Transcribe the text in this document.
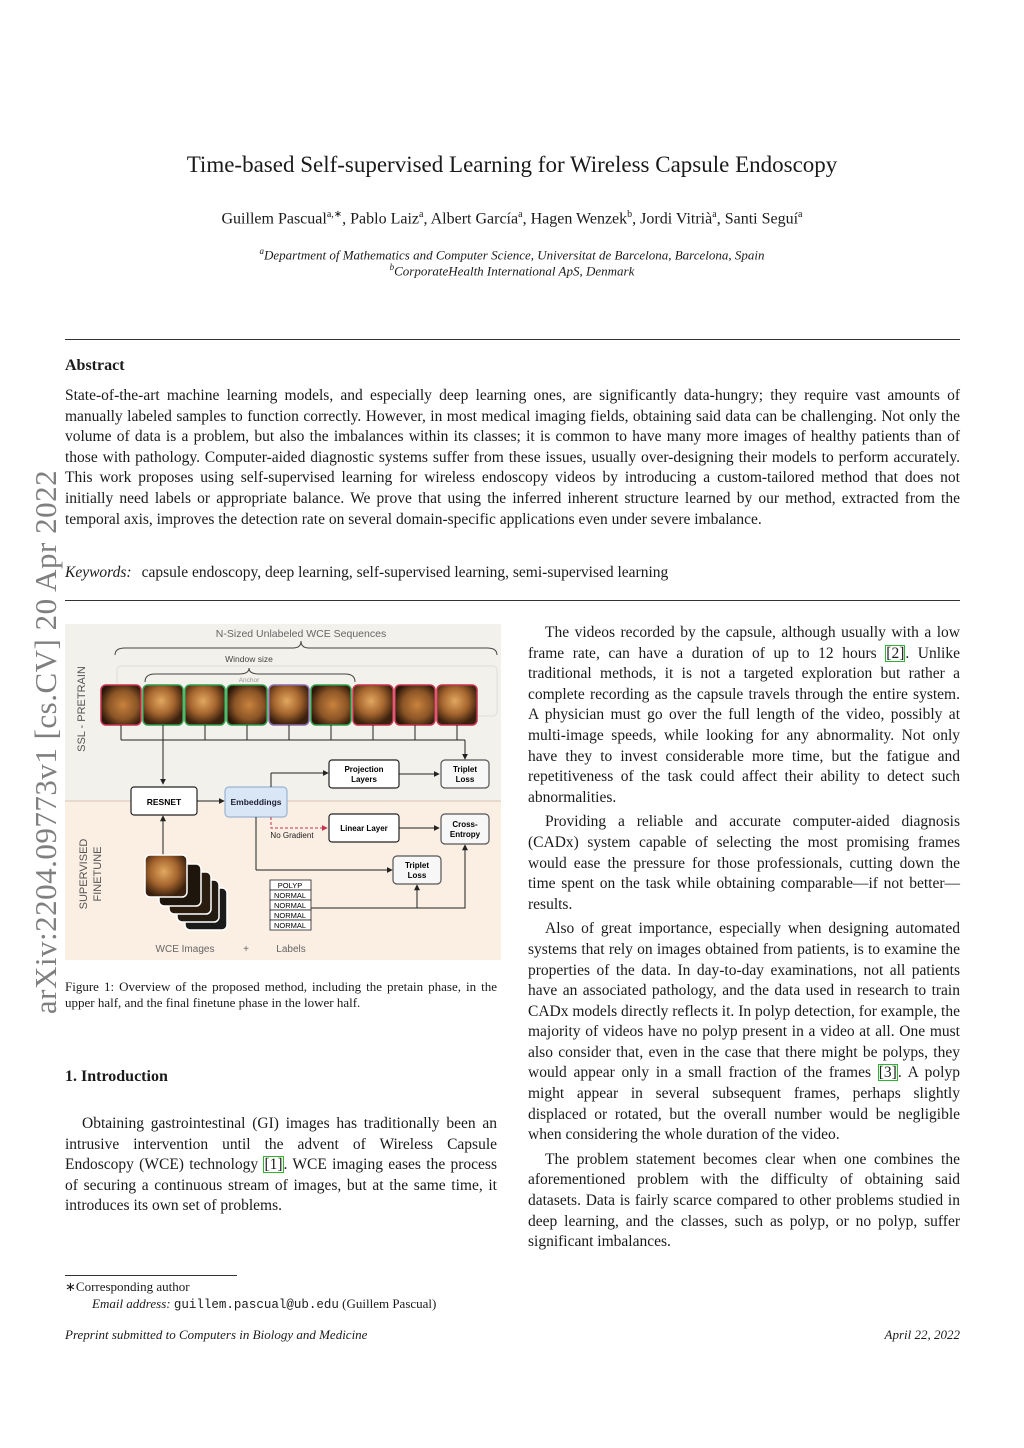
arXiv:2204.09773v1 [cs.CV] 20 Apr 2022
Time-based Self-supervised Learning for Wireless Capsule Endoscopy
Guillem Pascual$^{a,∗}$, Pablo Laiz$^a$, Albert García$^a$, Hagen Wenzek$^b$, Jordi Vitrià$^a$, Santi Seguí$^a$
$^a$Department of Mathematics and Computer Science, Universitat de Barcelona, Barcelona, Spain
$^b$CorporateHealth International ApS, Denmark
Abstract
State-of-the-art machine learning models, and especially deep learning ones, are significantly data-hungry; they require vast amounts of manually labeled samples to function correctly. However, in most medical imaging fields, obtaining said data can be challenging. Not only the volume of data is a problem, but also the imbalances within its classes; it is common to have many more images of healthy patients than of those with pathology. Computer-aided diagnostic systems suffer from these issues, usually over-designing their models to perform accurately. This work proposes using self-supervised learning for wireless endoscopy videos by introducing a custom-tailored method that does not initially need labels or appropriate balance. We prove that using the inferred inherent structure learned by our method, extracted from the temporal axis, improves the detection rate on several domain-specific applications even under severe imbalance.
Keywords: capsule endoscopy, deep learning, self-supervised learning, semi-supervised learning
N-Sized Unlabeled WCE Sequences
Window size
Anchor
SSL - PRETRAIN
SUPERVISED FINETUNE
RESNET	Embeddings
Projection
Layers
Triplet
Loss
No Gradient
Linear Layer	Cross-
Entropy
Triplet
Loss
POLYP
NORMAL
NORMAL
NORMAL
NORMAL
WCE Images	+	Labels
Figure 1: Overview of the proposed method, including the pretain phase, in the upper half, and the final finetune phase in the lower half.
1. Introduction

Obtaining gastrointestinal (GI) images has traditionally been an intrusive intervention until the advent of Wireless Capsule Endoscopy (WCE) technology [1]. WCE imaging eases the process of securing a continuous stream of images, but at the same time, it introduces its own set of problems.

∗Corresponding author
Email address: guillem.pascual@ub.edu (Guillem Pascual)

The videos recorded by the capsule, although usually with a low frame rate, can have a duration of up to 12 hours [2]. Unlike traditional methods, it is not a targeted exploration but rather a complete recording as the capsule travels through the entire system. A physician must go over the full length of the video, possibly at multi-image speeds, while looking for any abnormality. Not only have they to invest considerable more time, but the fatigue and repetitiveness of the task could affect their ability to detect such abnormalities.

Providing a reliable and accurate computer-aided diagnosis (CADx) system capable of selecting the most promising frames would ease the pressure for those professionals, cutting down the time spent on the task while obtaining comparable—if not better—results.

Also of great importance, especially when designing automated systems that rely on images obtained from patients, is to examine the properties of the data. In day-to-day examinations, not all patients have an associated pathology, and the data used in research to train CADx models directly reflects it. In polyp detection, for example, the majority of videos have no polyp present in a video at all. One must also consider that, even in the case that there might be polyps, they would appear only in a small fraction of the frames [3]. A polyp might appear in several subsequent frames, perhaps slightly displaced or rotated, but the overall number would be negligible when considering the whole duration of the video.

The problem statement becomes clear when one combines the aforementioned problem with the difficulty of obtaining said datasets. Data is fairly scarce compared to other problems studied in deep learning, and the classes, such as polyp, or no polyp, suffer significant imbalances.

Preprint submitted to Computers in Biology and Medicine	April 22, 2022
